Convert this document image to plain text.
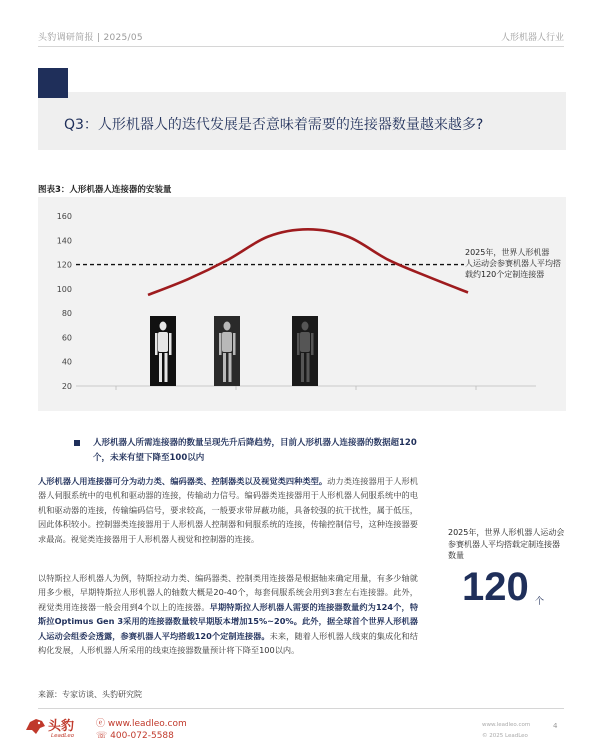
头豹调研简报 | 2025/05	人形机器人行业
Q3：人形机器人的迭代发展是否意味着需要的连接器数量越来越多?
图表3：人形机器人连接器的安装量
20
40
60
80
100
120
140
160
2025年，世界人形机器人运动会参赛机器人平均搭载约120个定制连接器
人形机器人所需连接器的数量呈现先升后降趋势，目前人形机器人连接器的数据超120个，未来有望下降至100以内
人形机器人用连接器可分为动力类、编码器类、控制器类以及视觉类四种类型。动力类连接器用于人形机器人伺服系统中的电机和驱动器的连接，传输动力信号。编码器类连接器用于人形机器人伺服系统中的电机和驱动器的连接，传输编码信号，要求较高，一般要求带屏蔽功能，具备较强的抗干扰性，属于低压，因此体积较小。控制器类连接器用于人形机器人控制器和伺服系统的连接，传输控制信号，这种连接器要求最高。视觉类连接器用于人形机器人视觉和控制器的连接。
以特斯拉人形机器人为例，特斯拉动力类、编码器类、控制类用连接器是根据轴来确定用量，有多少轴就用多少根，早期特斯拉人形机器人的轴数大概是20-40个，每套伺服系统会用到3套左右连接器。此外，视觉类用连接器一般会用到4个以上的连接器。早期特斯拉人形机器人需要的连接器数量约为124个，特斯拉Optimus Gen 3采用的连接器数量较早期版本增加15%~20%。此外，据全球首个世界人形机器人运动会组委会透露，参赛机器人平均搭载120个定制连接器。未来，随着人形机器人线束的集成化和结构化发展，人形机器人所采用的线束连接器数量预计将下降至100以内。
2025年，世界人形机器人运动会参赛机器人平均搭载定制连接器数量
120 个
来源：专家访谈、头豹研究院
头豹
LeadLeo
ⓔ www.leadleo.com
☏ 400-072-5588
www.leadleo.com
© 2025 LeadLeo
4
